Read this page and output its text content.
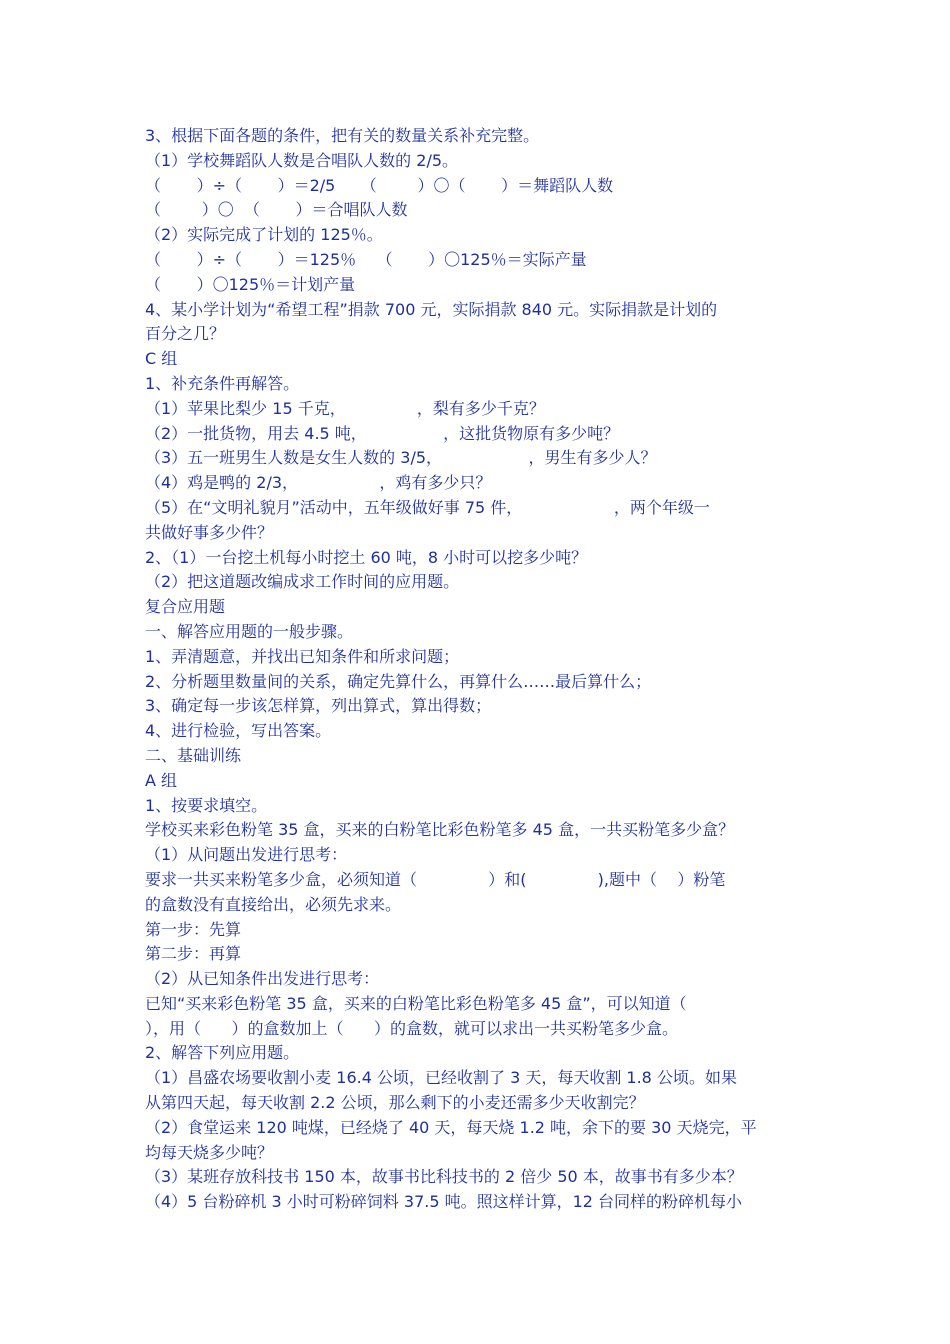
3、根据下面各题的条件，把有关的数量关系补充完整。
（1）学校舞蹈队人数是合唱队人数的 2/5。
（       ）÷（       ）＝2/5     （        ）〇（       ）＝舞蹈队人数
（        ）〇  （       ）＝合唱队人数
（2）实际完成了计划的 125％。
（       ）÷（       ）＝125％    （       ）〇125％＝实际产量
（       ）〇125％＝计划产量
4、某小学计划为“希望工程”捐款 700 元，实际捐款 840 元。实际捐款是计划的
百分之几？
C 组
1、补充条件再解答。
（1）苹果比梨少 15 千克，              ，梨有多少千克？
（2）一批货物，用去 4.5 吨，               ，这批货物原有多少吨？
（3）五一班男生人数是女生人数的 3/5，                 ，男生有多少人？
（4）鸡是鸭的 2/3，                ，鸡有多少只？
（5）在“文明礼貌月”活动中，五年级做好事 75 件，                  ，两个年级一
共做好事多少件？
2、（1）一台挖土机每小时挖土 60 吨，8 小时可以挖多少吨？
（2）把这道题改编成求工作时间的应用题。
复合应用题
一、解答应用题的一般步骤。
1、弄清题意，并找出已知条件和所求问题；
2、分析题里数量间的关系，确定先算什么，再算什么……最后算什么；
3、确定每一步该怎样算，列出算式，算出得数；
4、进行检验，写出答案。
二、基础训练
A 组
1、按要求填空。
学校买来彩色粉笔 35 盒，买来的白粉笔比彩色粉笔多 45 盒，一共买粉笔多少盒？
（1）从问题出发进行思考：
要求一共买来粉笔多少盒，必须知道（              ）和(              ),题中（    ）粉笔
的盒数没有直接给出，必须先求来。
第一步：先算
第二步：再算
（2）从已知条件出发进行思考：
已知“买来彩色粉笔 35 盒，买来的白粉笔比彩色粉笔多 45 盒”，可以知道（
），用（      ）的盒数加上（      ）的盒数，就可以求出一共买粉笔多少盒。
2、解答下列应用题。
（1）昌盛农场要收割小麦 16.4 公顷，已经收割了 3 天，每天收割 1.8 公顷。如果
从第四天起，每天收割 2.2 公顷，那么剩下的小麦还需多少天收割完？
（2）食堂运来 120 吨煤，已经烧了 40 天，每天烧 1.2 吨，余下的要 30 天烧完，平
均每天烧多少吨？
（3）某班存放科技书 150 本，故事书比科技书的 2 倍少 50 本，故事书有多少本？
（4）5 台粉碎机 3 小时可粉碎饲料 37.5 吨。照这样计算，12 台同样的粉碎机每小
